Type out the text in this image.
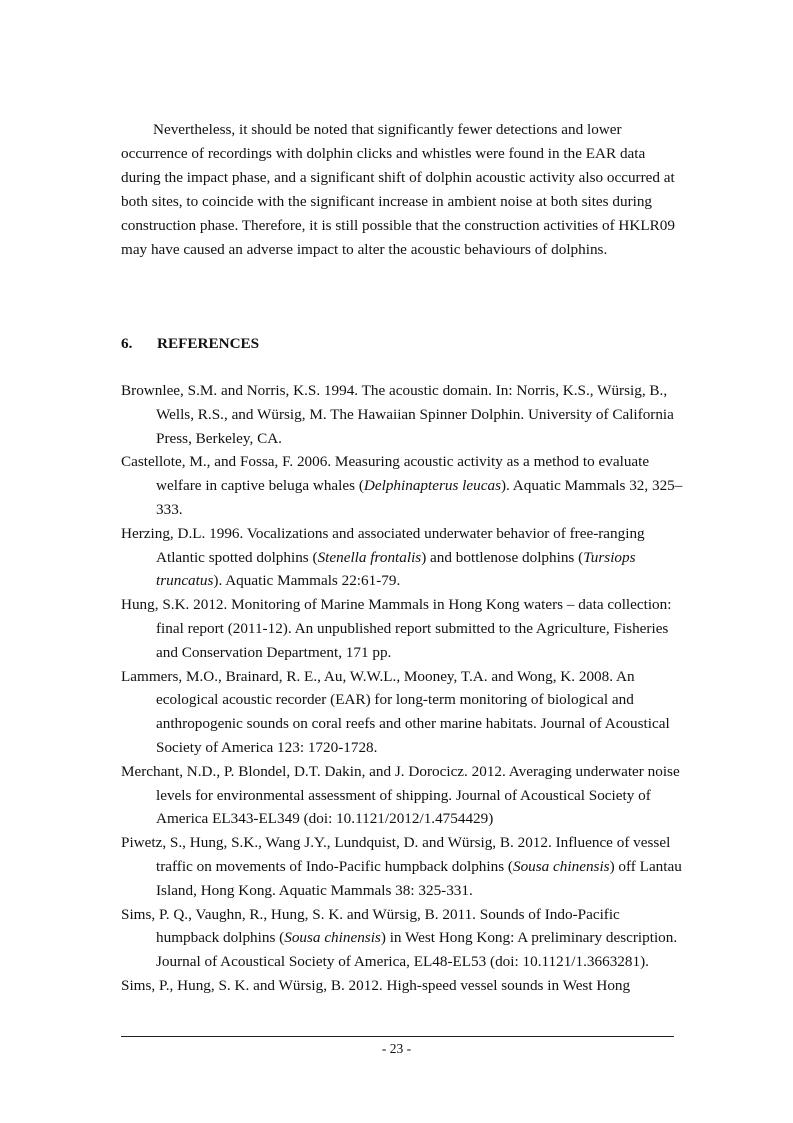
Nevertheless, it should be noted that significantly fewer detections and lower occurrence of recordings with dolphin clicks and whistles were found in the EAR data during the impact phase, and a significant shift of dolphin acoustic activity also occurred at both sites, to coincide with the significant increase in ambient noise at both sites during construction phase. Therefore, it is still possible that the construction activities of HKLR09 may have caused an adverse impact to alter the acoustic behaviours of dolphins.

6. REFERENCES

Brownlee, S.M. and Norris, K.S. 1994. The acoustic domain. In: Norris, K.S., Würsig, B., Wells, R.S., and Würsig, M. The Hawaiian Spinner Dolphin. University of California Press, Berkeley, CA.

Castellote, M., and Fossa, F. 2006. Measuring acoustic activity as a method to evaluate welfare in captive beluga whales (Delphinapterus leucas). Aquatic Mammals 32, 325–333.

Herzing, D.L. 1996. Vocalizations and associated underwater behavior of free-ranging Atlantic spotted dolphins (Stenella frontalis) and bottlenose dolphins (Tursiops truncatus). Aquatic Mammals 22:61-79.

Hung, S.K. 2012. Monitoring of Marine Mammals in Hong Kong waters – data collection: final report (2011-12). An unpublished report submitted to the Agriculture, Fisheries and Conservation Department, 171 pp.

Lammers, M.O., Brainard, R. E., Au, W.W.L., Mooney, T.A. and Wong, K. 2008. An ecological acoustic recorder (EAR) for long-term monitoring of biological and anthropogenic sounds on coral reefs and other marine habitats. Journal of Acoustical Society of America 123: 1720-1728.

Merchant, N.D., P. Blondel, D.T. Dakin, and J. Dorocicz. 2012. Averaging underwater noise levels for environmental assessment of shipping. Journal of Acoustical Society of America EL343-EL349 (doi: 10.1121/2012/1.4754429)

Piwetz, S., Hung, S.K., Wang J.Y., Lundquist, D. and Würsig, B. 2012. Influence of vessel traffic on movements of Indo-Pacific humpback dolphins (Sousa chinensis) off Lantau Island, Hong Kong. Aquatic Mammals 38: 325-331.

Sims, P. Q., Vaughn, R., Hung, S. K. and Würsig, B. 2011. Sounds of Indo-Pacific humpback dolphins (Sousa chinensis) in West Hong Kong: A preliminary description. Journal of Acoustical Society of America, EL48-EL53 (doi: 10.1121/1.3663281).

Sims, P., Hung, S. K. and Würsig, B. 2012. High-speed vessel sounds in West Hong

- 23 -
